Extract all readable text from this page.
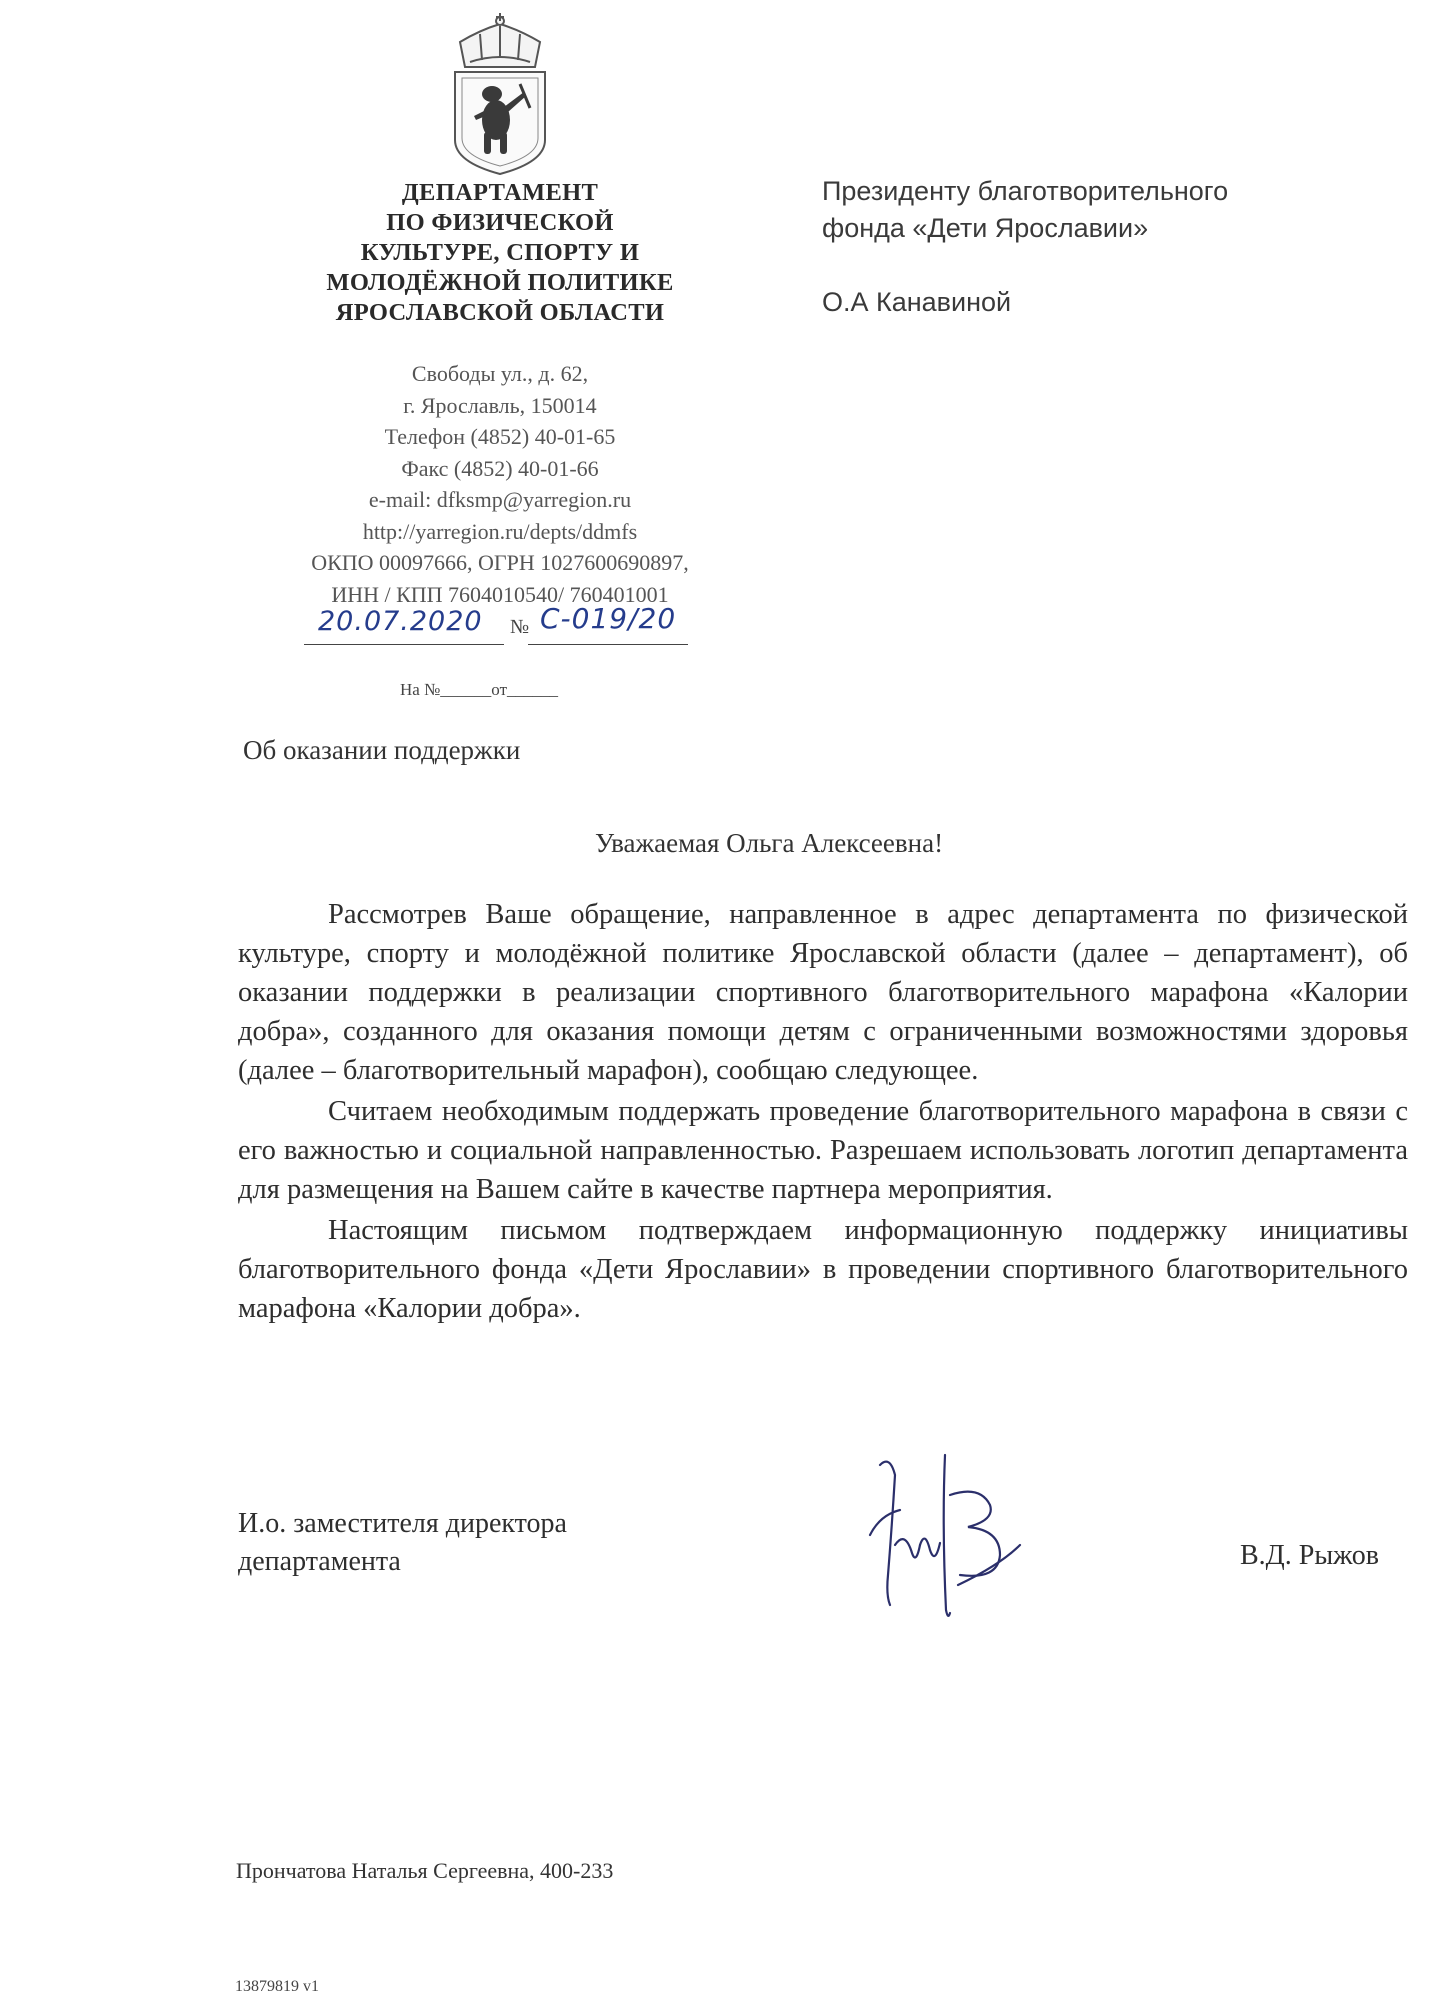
ДЕПАРТАМЕНТ
ПО ФИЗИЧЕСКОЙ
КУЛЬТУРЕ, СПОРТУ И
МОЛОДЁЖНОЙ ПОЛИТИКЕ
ЯРОСЛАВСКОЙ ОБЛАСТИ
Свободы ул., д. 62,
г. Ярославль, 150014
Телефон (4852) 40-01-65
Факс (4852) 40-01-66
e-mail: dfksmp@yarregion.ru
http://yarregion.ru/depts/ddmfs
ОКПО 00097666, ОГРН 1027600690897,
ИНН / КПП 7604010540/ 760401001
20.07.2020 № С-019/20
На №______от______
Президенту благотворительного
фонда «Дети Ярославии»
О.А Канавиной
Об оказании поддержки
Уважаемая Ольга Алексеевна!

Рассмотрев Ваше обращение, направленное в адрес департамента по физической культуре, спорту и молодёжной политике Ярославской области (далее – департамент), об оказании поддержки в реализации спортивного благотворительного марафона «Калории добра», созданного для оказания помощи детям с ограниченными возможностями здоровья (далее – благотворительный марафон), сообщаю следующее.

Считаем необходимым поддержать проведение благотворительного марафона в связи с его важностью и социальной направленностью. Разрешаем использовать логотип департамента для размещения на Вашем сайте в качестве партнера мероприятия.

Настоящим письмом подтверждаем информационную поддержку инициативы благотворительного фонда «Дети Ярославии» в проведении спортивного благотворительного марафона «Калории добра».

И.о. заместителя директора
департамента	В.Д. Рыжов
Прончатова Наталья Сергеевна, 400-233
13879819 v1
